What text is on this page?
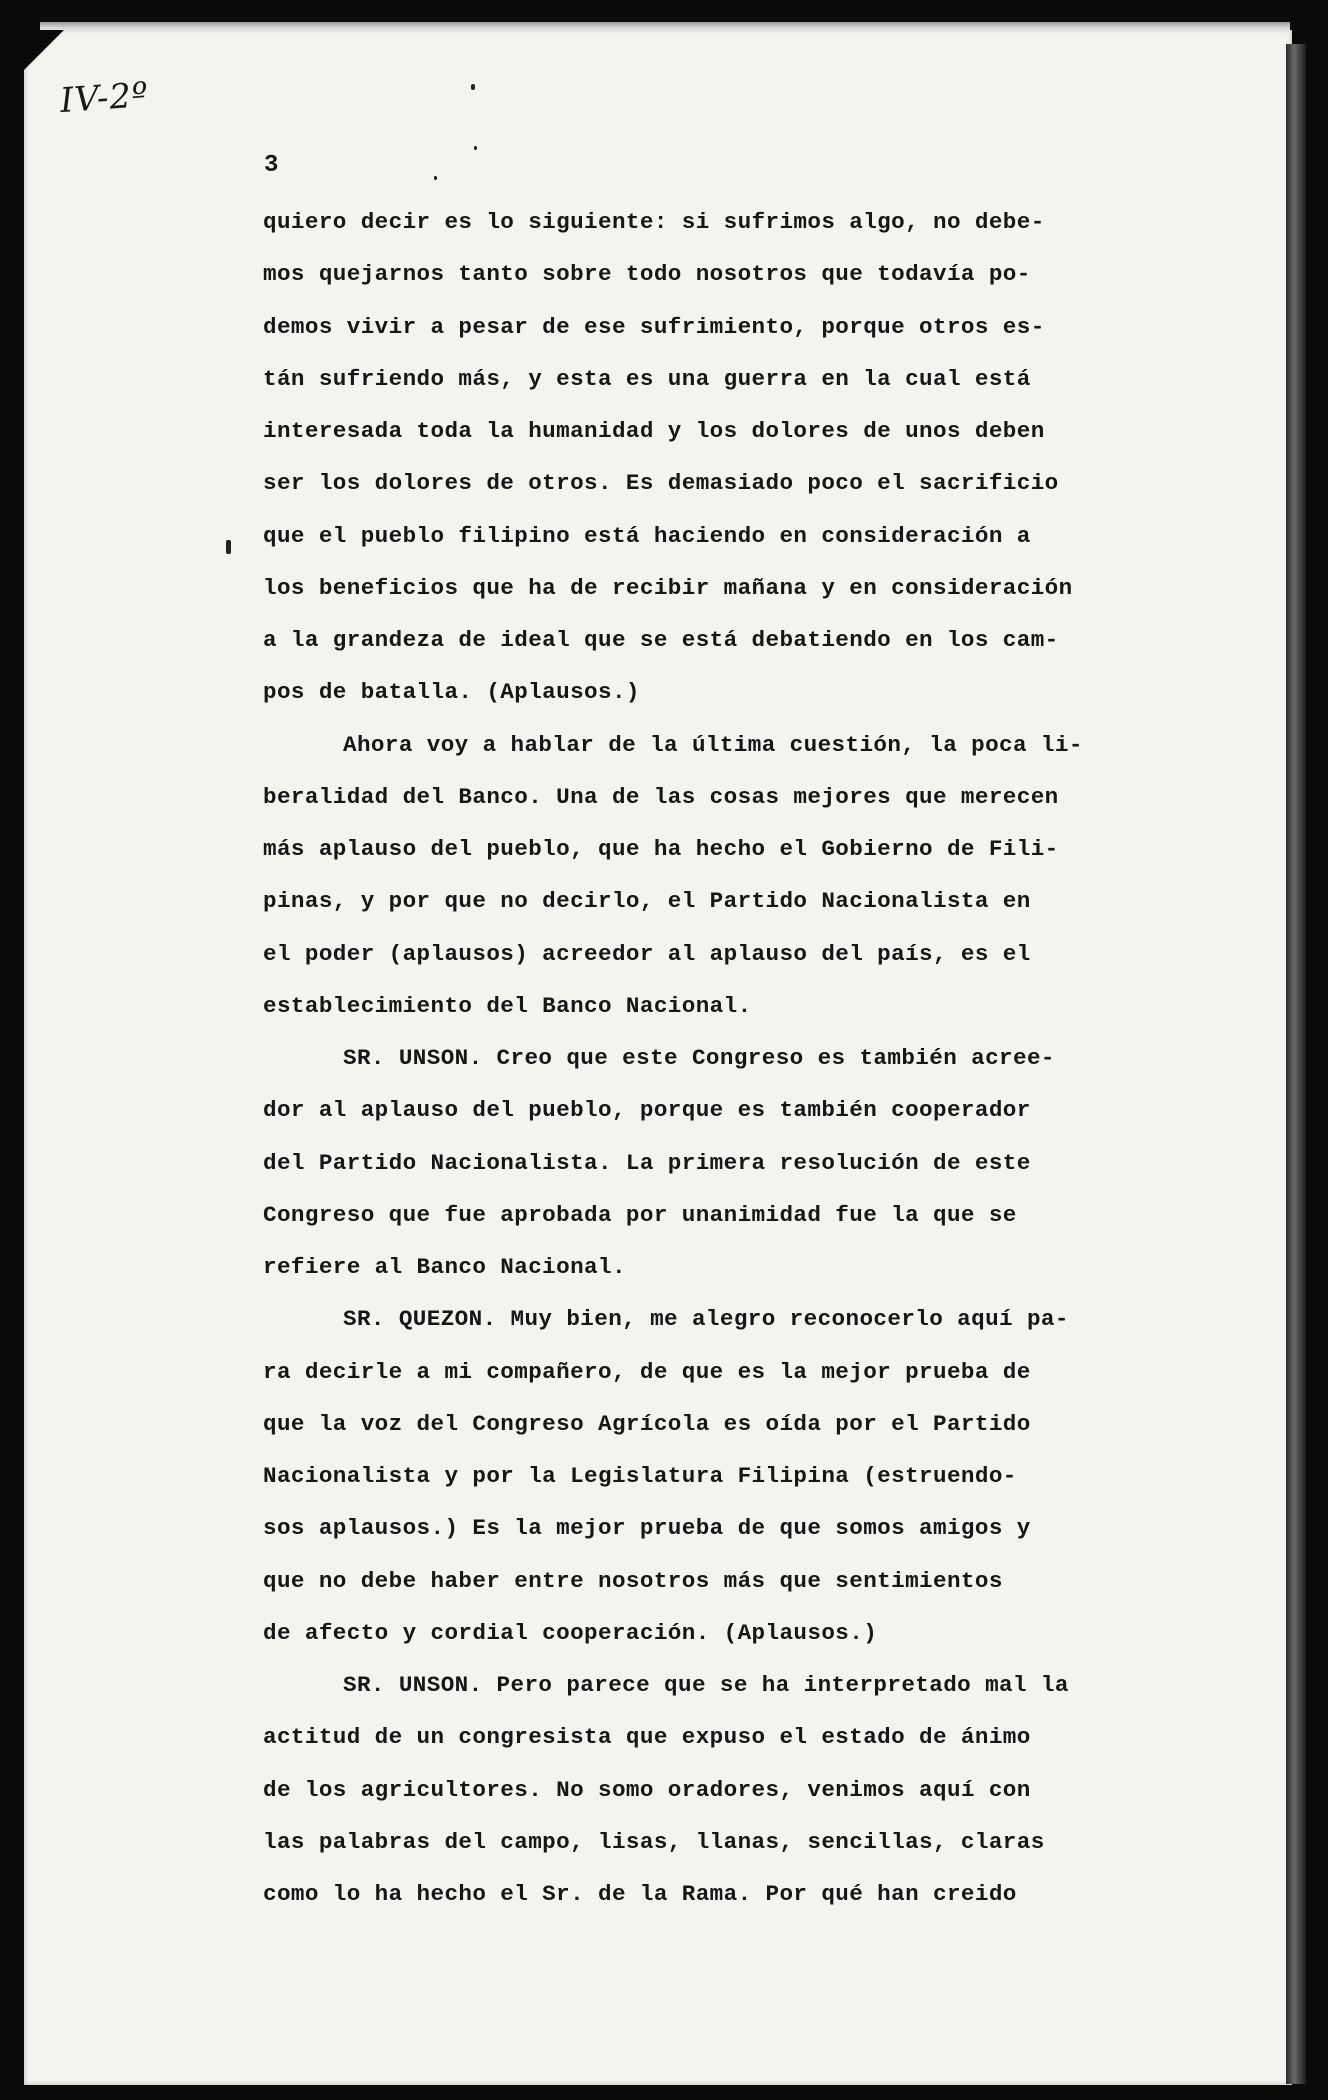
IV-2º
3
quiero decir es lo siguiente: si sufrimos algo, no debe-
mos quejarnos tanto sobre todo nosotros que todavía po-
demos vivir a pesar de ese sufrimiento, porque otros es-
tán sufriendo más, y esta es una guerra en la cual está
interesada toda la humanidad y los dolores de unos deben
ser los dolores de otros. Es demasiado poco el sacrificio
que el pueblo filipino está haciendo en consideración a
los beneficios que ha de recibir mañana y en consideración
a la grandeza de ideal que se está debatiendo en los cam-
pos de batalla. (Aplausos.)
Ahora voy a hablar de la última cuestión, la poca li-
beralidad del Banco. Una de las cosas mejores que merecen
más aplauso del pueblo, que ha hecho el Gobierno de Fili-
pinas, y por que no decirlo, el Partido Nacionalista en
el poder (aplausos) acreedor al aplauso del país, es el
establecimiento del Banco Nacional.
SR. UNSON. Creo que este Congreso es también acree-
dor al aplauso del pueblo, porque es también cooperador
del Partido Nacionalista. La primera resolución de este
Congreso que fue aprobada por unanimidad fue la que se
refiere al Banco Nacional.
SR. QUEZON. Muy bien, me alegro reconocerlo aquí pa-
ra decirle a mi compañero, de que es la mejor prueba de
que la voz del Congreso Agrícola es oída por el Partido
Nacionalista y por la Legislatura Filipina (estruendo-
sos aplausos.) Es la mejor prueba de que somos amigos y
que no debe haber entre nosotros más que sentimientos
de afecto y cordial cooperación. (Aplausos.)
SR. UNSON. Pero parece que se ha interpretado mal la
actitud de un congresista que expuso el estado de ánimo
de los agricultores. No somo oradores, venimos aquí con
las palabras del campo, lisas, llanas, sencillas, claras
como lo ha hecho el Sr. de la Rama. Por qué han creido
